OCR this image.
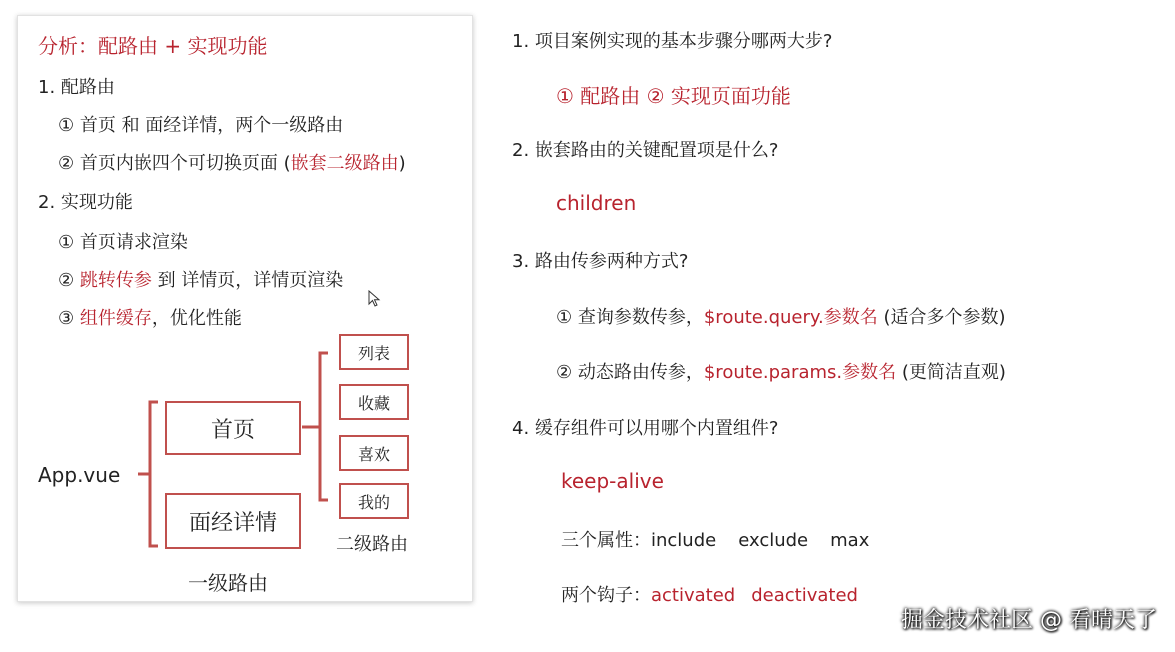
分析：配路由 + 实现功能
1. 配路由
① 首页 和 面经详情，两个一级路由
② 首页内嵌四个可切换页面 (嵌套二级路由)
2. 实现功能
① 首页请求渲染
② 跳转传参 到 详情页，详情页渲染
③ 组件缓存，优化性能
App.vue
首页
面经详情
列表
收藏
喜欢
我的
二级路由
一级路由
1. 项目案例实现的基本步骤分哪两大步?
① 配路由 ② 实现页面功能
2. 嵌套路由的关键配置项是什么?
children
3. 路由传参两种方式?
① 查询参数传参，$route.query.参数名 (适合多个参数)
② 动态路由传参，$route.params.参数名 (更简洁直观)
4. 缓存组件可以用哪个内置组件?
keep-alive
三个属性：include exclude max
两个钩子：activated deactivated
掘金技术社区 @ 看晴天了
